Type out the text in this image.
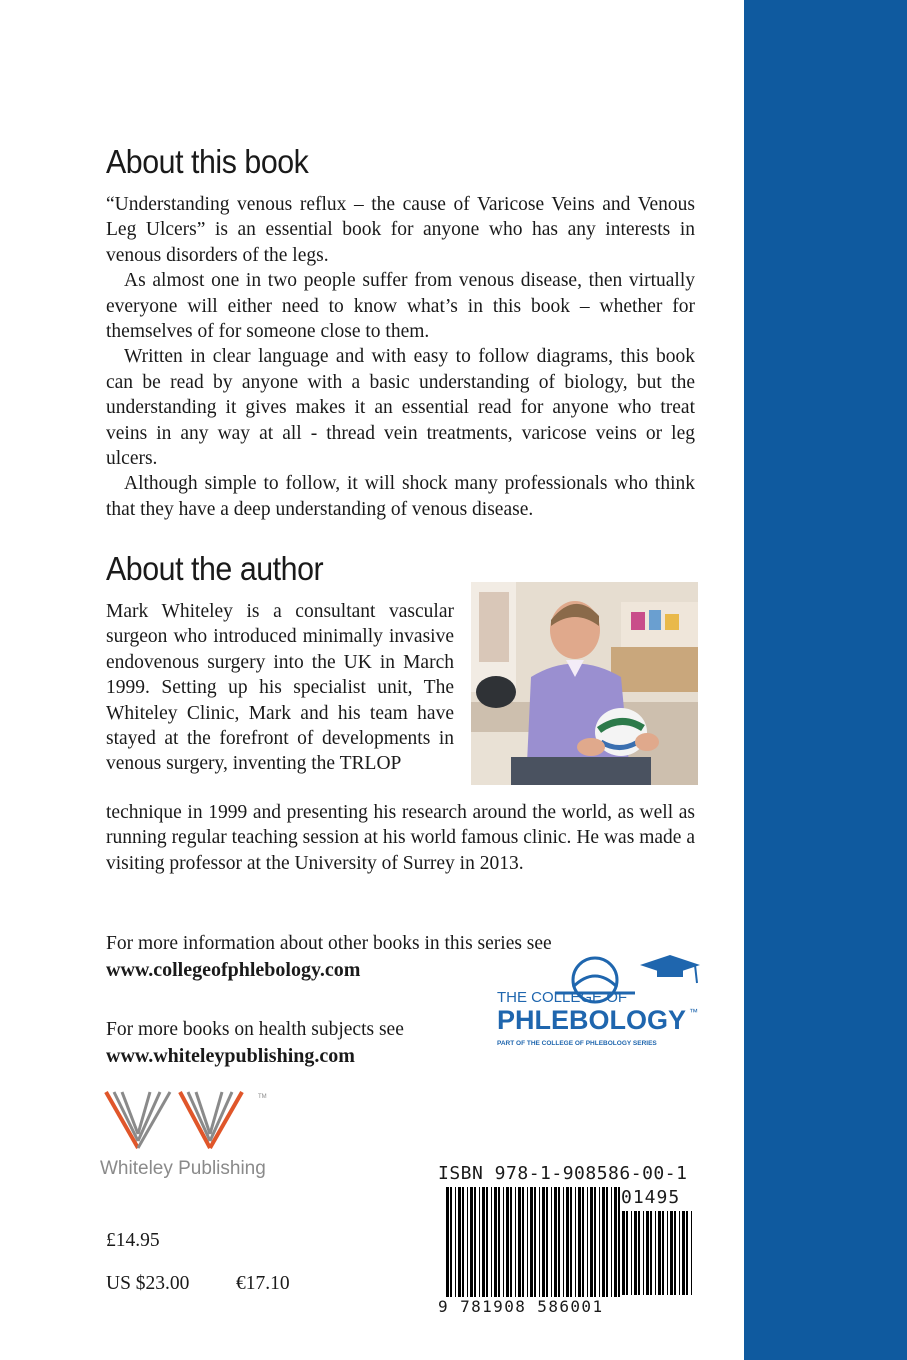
About this book

“Understanding venous reflux – the cause of Varicose Veins and Venous Leg Ulcers” is an essential book for anyone who has any interests in venous disorders of the legs.

As almost one in two people suffer from venous disease, then virtually everyone will either need to know what’s in this book – whether for themselves of for someone close to them.

Written in clear language and with easy to follow diagrams, this book can be read by anyone with a basic understanding of biology, but the understanding it gives makes it an essential read for anyone who treat veins in any way at all - thread vein treatments, varicose veins or leg ulcers.

Although simple to follow, it will shock many professionals who think that they have a deep understanding of venous disease.

About the author

Mark Whiteley is a consultant vascular surgeon who introduced minimally invasive endovenous surgery into the UK in March 1999. Setting up his specialist unit, The Whiteley Clinic, Mark and his team have stayed at the forefront of developments in venous surgery, inventing the TRLOP

technique in 1999 and presenting his research around the world, as well as running regular teaching session at his world famous clinic. He was made a visiting professor at the University of Surrey in 2013.

For more information about other books in this series see

www.collegeofphlebology.com

For more books on health subjects see

www.whiteleypublishing.com

THE COLLEGE OF
PHLEBOLOGY ™
PART OF THE COLLEGE OF PHLEBOLOGY SERIES
TM
Whiteley Publishing
£14.95
US $23.00 €17.10
ISBN 978-1-908586-00-1
01495
9 781908 586001
